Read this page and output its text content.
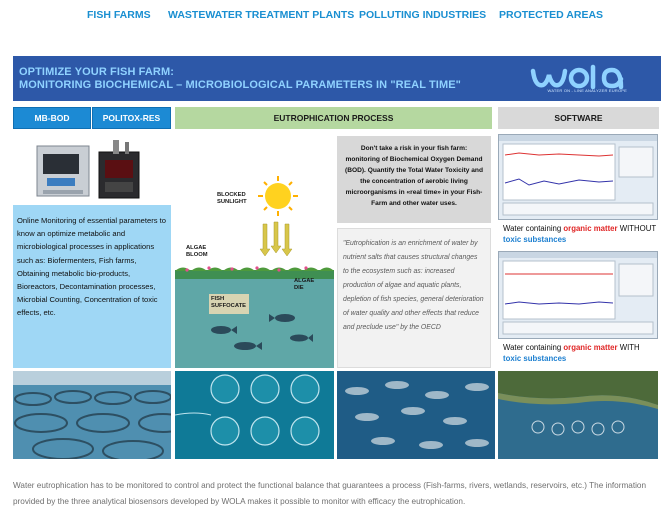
FISH FARMS WASTEWATER TREATMENT PLANTS POLLUTING INDUSTRIES PROTECTED AREAS
OPTIMIZE YOUR FISH FARM:
MONITORING BIOCHEMICAL – MICROBIOLOGICAL PARAMETERS IN "REAL TIME"	WATER ON - LINE ANALYZER EUROPE
MB-BOD	POLITOX-RES	EUTROPHICATION PROCESS	SOFTWARE

Online Monitoring of essential parameters to know an optimize metabolic and microbiological processes in applications such as: Biofermenters, Fish farms, Obtaining metabolic bio-products, Bioreactors, Decontamination processes, Microbial Counting, Concentration of toxic effects, etc.

BLOCKED SUNLIGHT
ALGAE BLOOM
ALGAE DIE
FISH SUFFOCATE

Don't take a risk in your fish farm: monitoring of Biochemical Oxygen Demand (BOD). Quantify the Total Water Toxicity and the concentration of aerobic living microorganisms in «real time» in your Fish-Farm and other water uses.

"Eutrophication is an enrichment of water by nutrient salts that causes structural changes to the ecosystem such as: increased production of algae and aquatic plants, depletion of fish species, general deterioration of water quality and other effects that reduce and preclude use" by the OECD

Water containing organic matter WITHOUT toxic substances
Water containing organic matter WITH toxic substances

Water eutrophication has to be monitored to control and protect the functional balance that guarantees a process (Fish-farms, rivers, wetlands, reservoirs, etc.) The information provided by the three analytical biosensors developed by WOLA makes it possible to monitor with efficacy the eutrophication.
